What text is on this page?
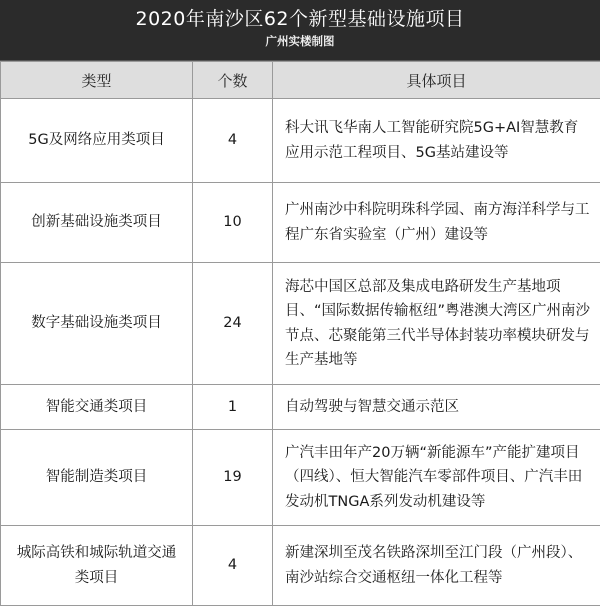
2020年南沙区62个新型基础设施项目
广州实楼制图
类型	个数	具体项目
5G及网络应用类项目	4	科大讯飞华南人工智能研究院5G+AI智慧教育应用示范工程项目、5G基站建设等
创新基础设施类项目	10	广州南沙中科院明珠科学园、南方海洋科学与工程广东省实验室（广州）建设等
数字基础设施类项目	24	海芯中国区总部及集成电路研发生产基地项目、“国际数据传输枢纽”粤港澳大湾区广州南沙节点、芯聚能第三代半导体封装功率模块研发与生产基地等
智能交通类项目	1	自动驾驶与智慧交通示范区
智能制造类项目	19	广汽丰田年产20万辆“新能源车”产能扩建项目（四线）、恒大智能汽车零部件项目、广汽丰田发动机TNGA系列发动机建设等
城际高铁和城际轨道交通类项目	4	新建深圳至茂名铁路深圳至江门段（广州段）、南沙站综合交通枢纽一体化工程等
